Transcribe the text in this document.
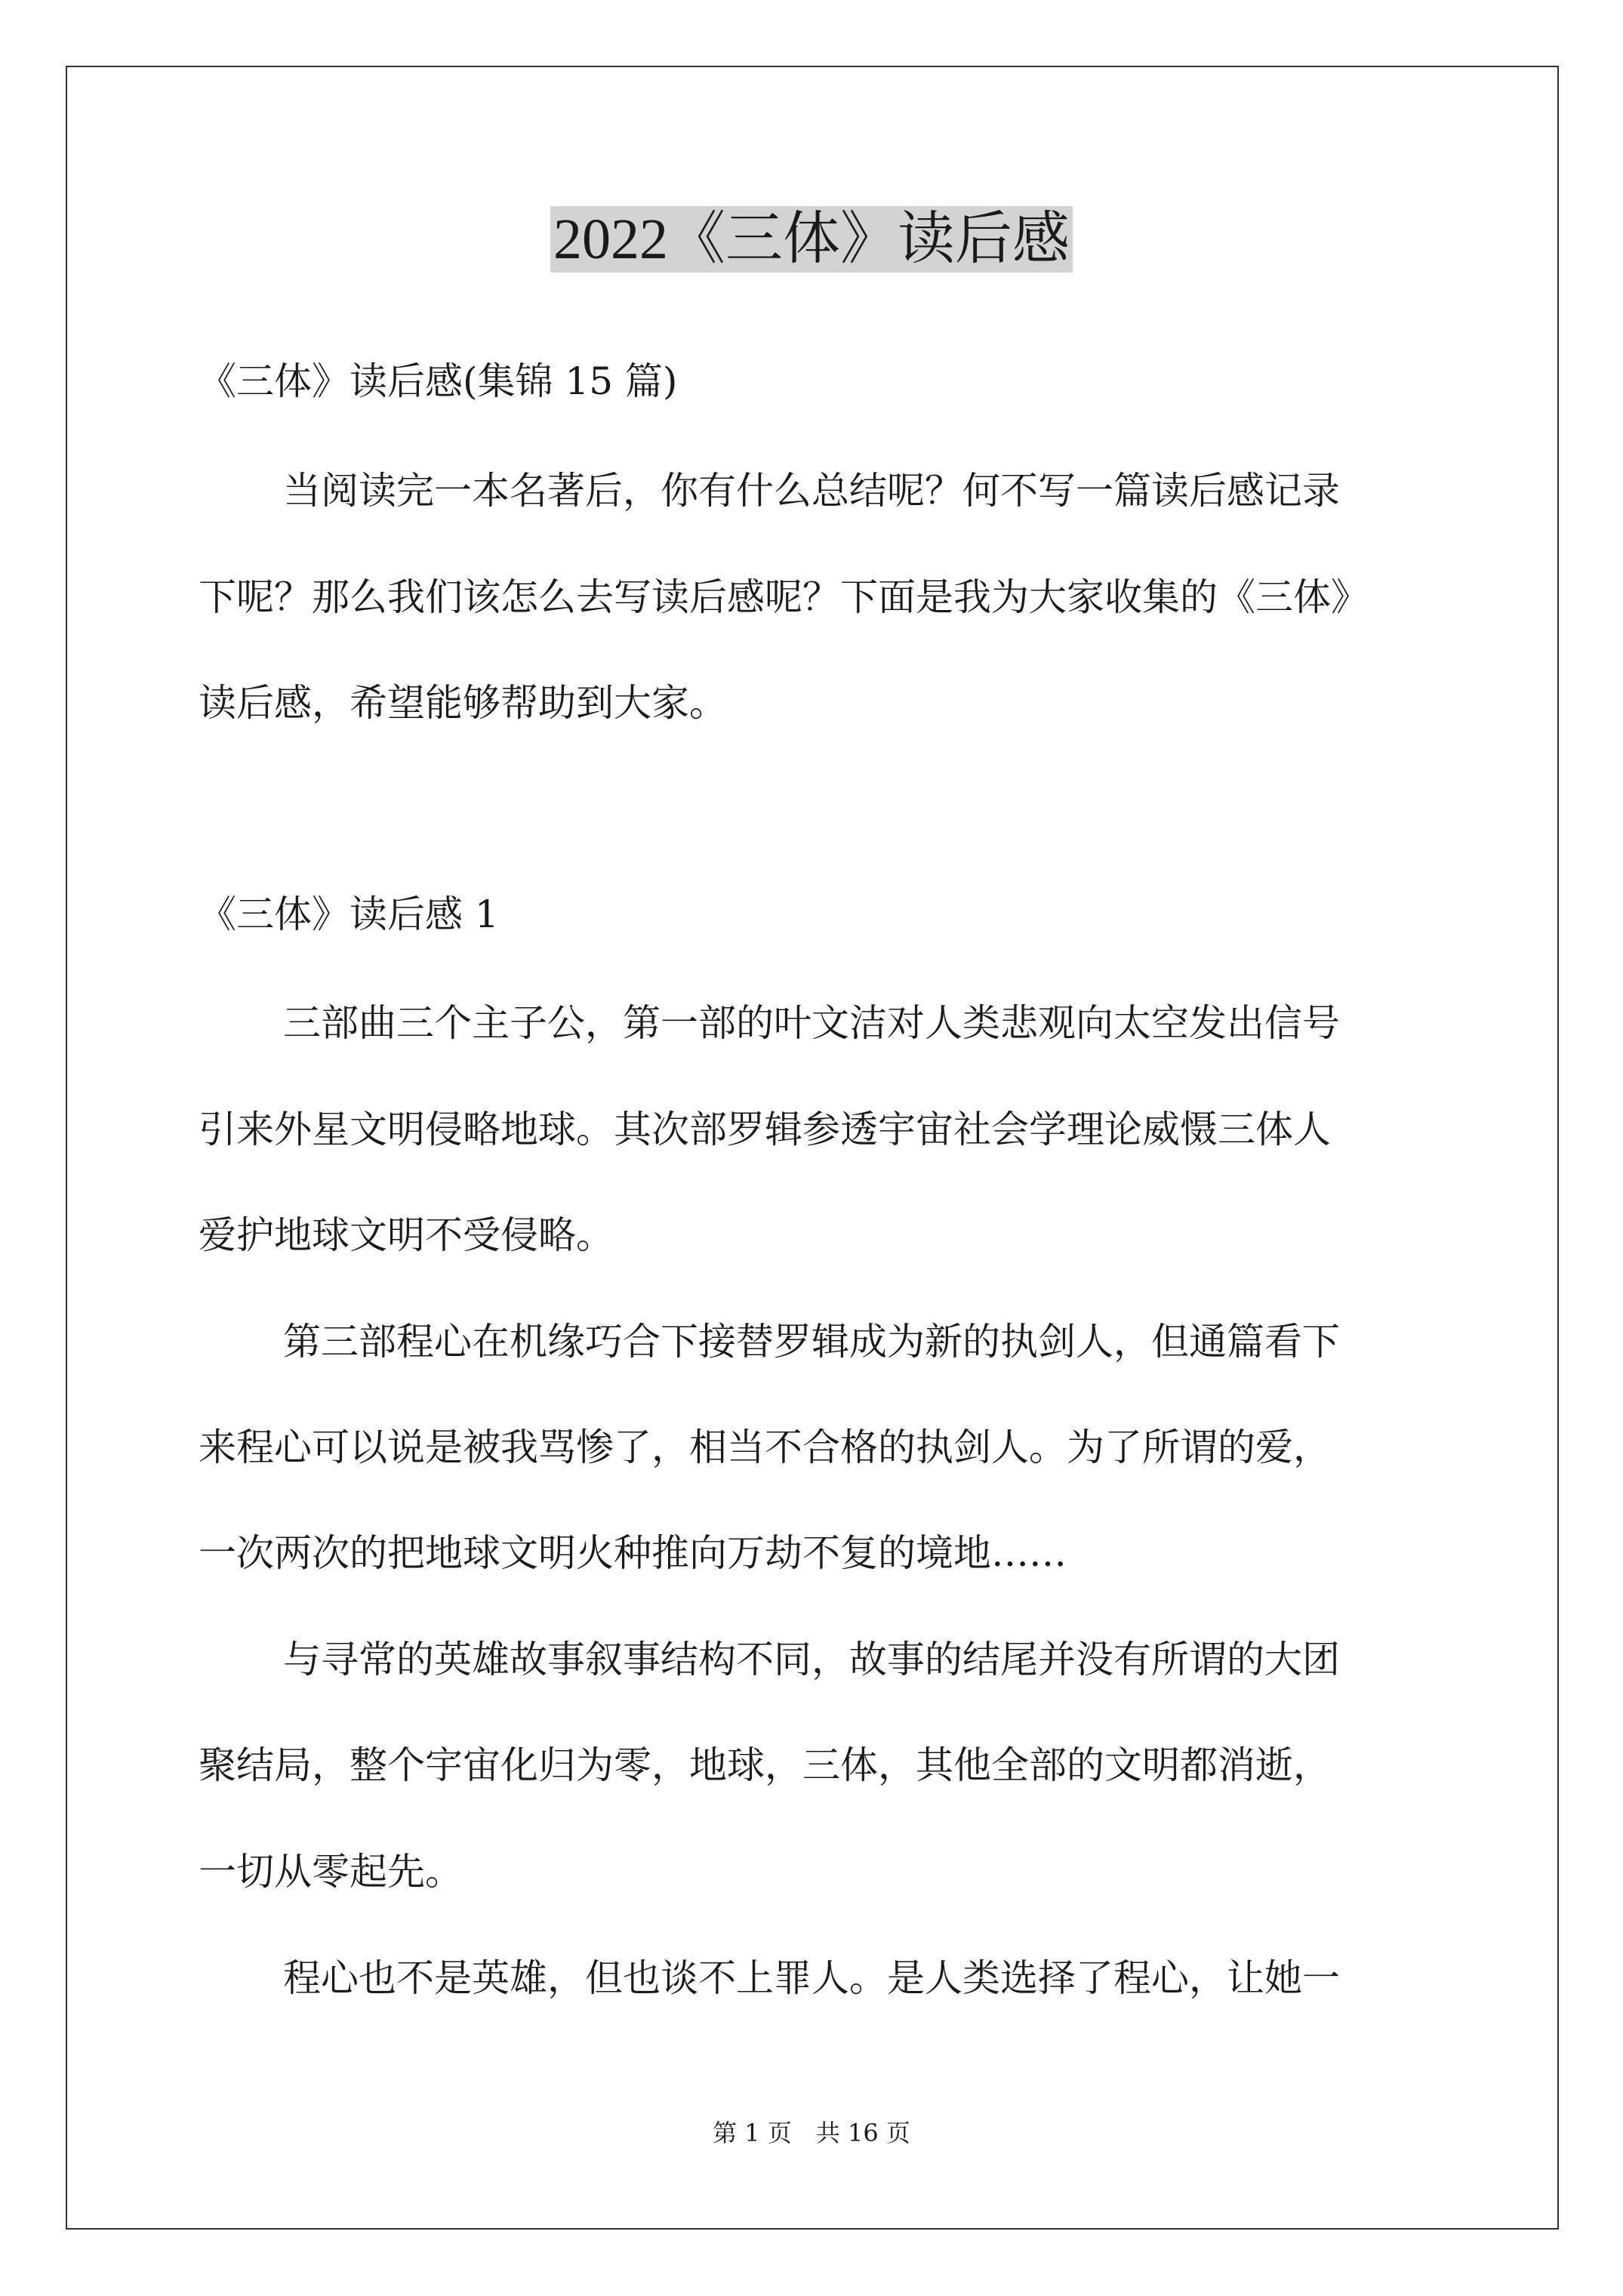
2022《三体》读后感
《三体》读后感(集锦 15 篇)
当阅读完一本名著后，你有什么总结呢？何不写一篇读后感记录
下呢？那么我们该怎么去写读后感呢？下面是我为大家收集的《三体》
读后感，希望能够帮助到大家。
《三体》读后感 1
三部曲三个主子公，第一部的叶文洁对人类悲观向太空发出信号
引来外星文明侵略地球。其次部罗辑参透宇宙社会学理论威慑三体人
爱护地球文明不受侵略。
第三部程心在机缘巧合下接替罗辑成为新的执剑人，但通篇看下
来程心可以说是被我骂惨了，相当不合格的执剑人。为了所谓的爱，
一次两次的把地球文明火种推向万劫不复的境地……
与寻常的英雄故事叙事结构不同，故事的结尾并没有所谓的大团
聚结局，整个宇宙化归为零，地球，三体，其他全部的文明都消逝，
一切从零起先。
程心也不是英雄，但也谈不上罪人。是人类选择了程心，让她一
第 1 页　共 16 页
